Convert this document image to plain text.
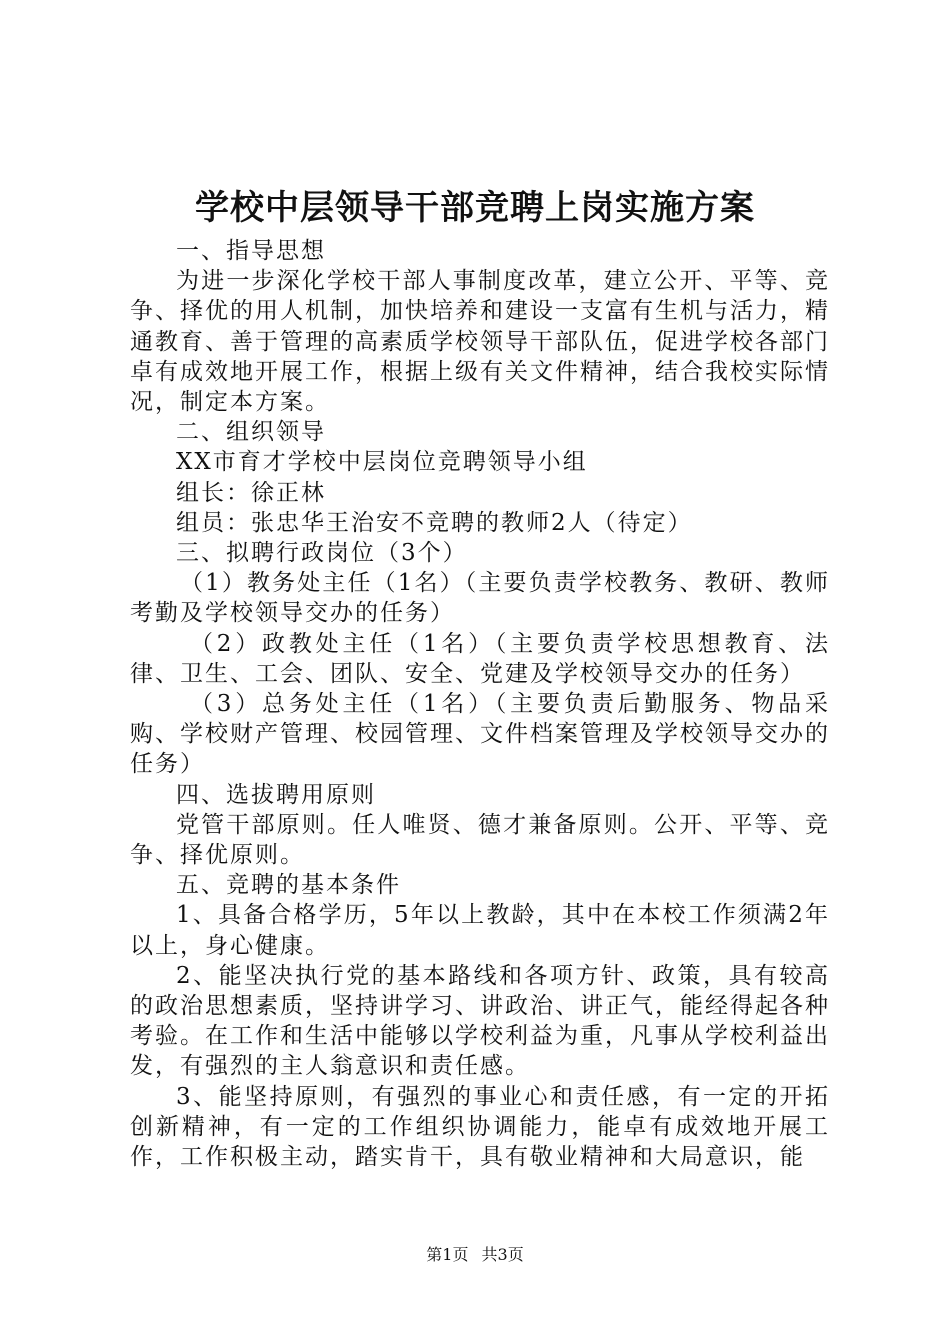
学校中层领导干部竞聘上岗实施方案

一、指导思想

为进一步深化学校干部人事制度改革，建立公开、平等、竞争、择优的用人机制，加快培养和建设一支富有生机与活力，精通教育、善于管理的高素质学校领导干部队伍，促进学校各部门卓有成效地开展工作，根据上级有关文件精神，结合我校实际情况，制定本方案。

二、组织领导

XX市育才学校中层岗位竞聘领导小组

组长：徐正林

组员：张忠华王治安不竞聘的教师2人（待定）

三、拟聘行政岗位（3个）

（1）教务处主任（1名）（主要负责学校教务、教研、教师考勤及学校领导交办的任务）

（2）政教处主任（1名）（主要负责学校思想教育、法律、卫生、工会、团队、安全、党建及学校领导交办的任务）

（3）总务处主任（1名）（主要负责后勤服务、物品采购、学校财产管理、校园管理、文件档案管理及学校领导交办的任务）

四、选拔聘用原则

党管干部原则。任人唯贤、德才兼备原则。公开、平等、竞争、择优原则。

五、竞聘的基本条件

1、具备合格学历，5年以上教龄，其中在本校工作须满2年以上，身心健康。

2、能坚决执行党的基本路线和各项方针、政策，具有较高的政治思想素质，坚持讲学习、讲政治、讲正气，能经得起各种考验。在工作和生活中能够以学校利益为重，凡事从学校利益出发，有强烈的主人翁意识和责任感。

3、能坚持原则，有强烈的事业心和责任感，有一定的开拓创新精神，有一定的工作组织协调能力，能卓有成效地开展工作，工作积极主动，踏实肯干，具有敬业精神和大局意识，能

第1页 共3页
